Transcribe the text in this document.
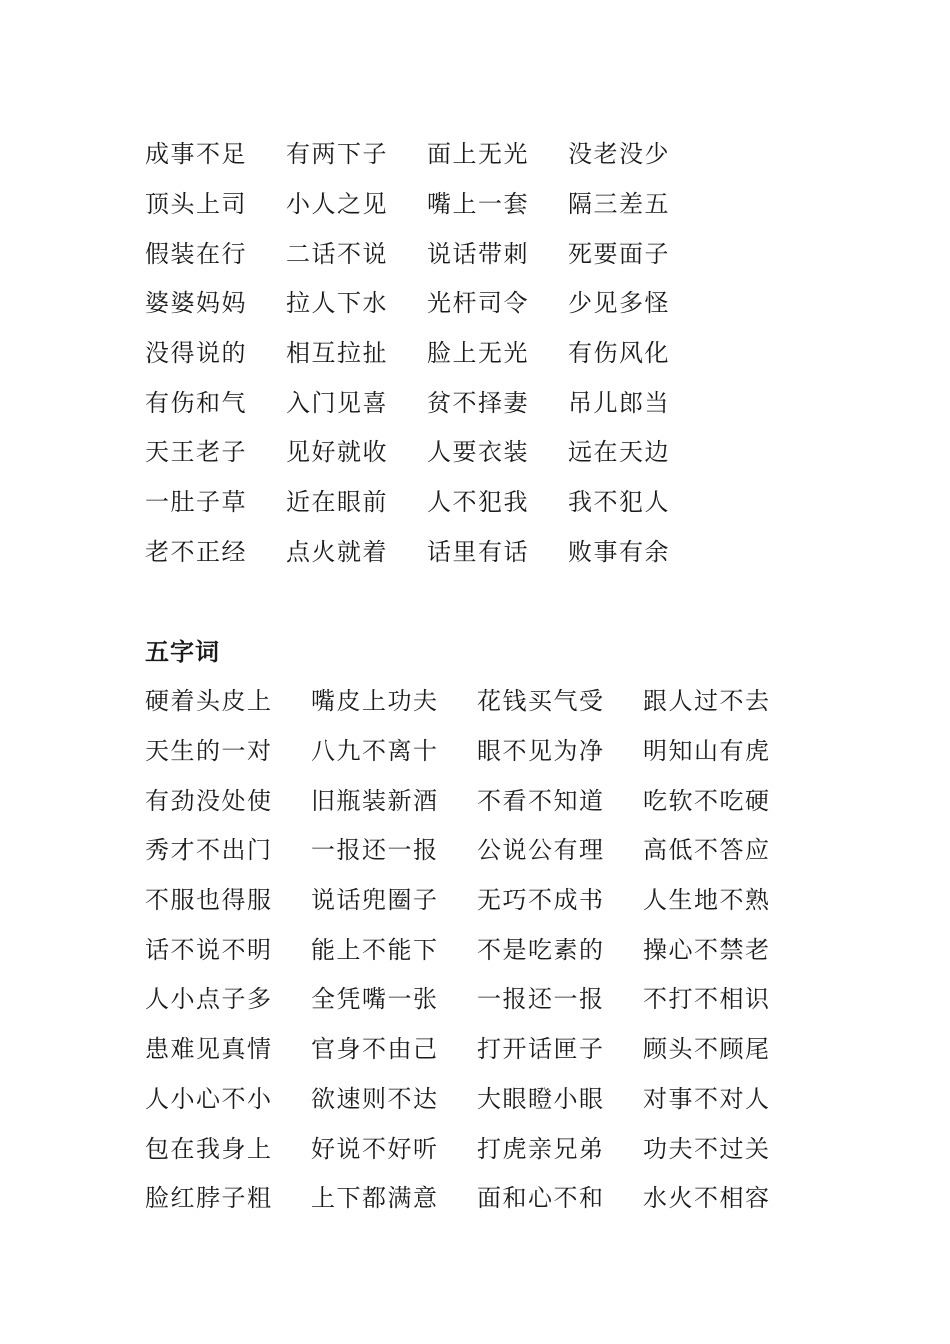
成事不足	有两下子	面上无光	没老没少
顶头上司	小人之见	嘴上一套	隔三差五
假装在行	二话不说	说话带刺	死要面子
婆婆妈妈	拉人下水	光杆司令	少见多怪
没得说的	相互拉扯	脸上无光	有伤风化
有伤和气	入门见喜	贫不择妻	吊儿郎当
天王老子	见好就收	人要衣装	远在天边
一肚子草	近在眼前	人不犯我	我不犯人
老不正经	点火就着	话里有话	败事有余
五字词
硬着头皮上	嘴皮上功夫	花钱买气受	跟人过不去
天生的一对	八九不离十	眼不见为净	明知山有虎
有劲没处使	旧瓶装新酒	不看不知道	吃软不吃硬
秀才不出门	一报还一报	公说公有理	高低不答应
不服也得服	说话兜圈子	无巧不成书	人生地不熟
话不说不明	能上不能下	不是吃素的	操心不禁老
人小点子多	全凭嘴一张	一报还一报	不打不相识
患难见真情	官身不由己	打开话匣子	顾头不顾尾
人小心不小	欲速则不达	大眼瞪小眼	对事不对人
包在我身上	好说不好听	打虎亲兄弟	功夫不过关
脸红脖子粗	上下都满意	面和心不和	水火不相容
